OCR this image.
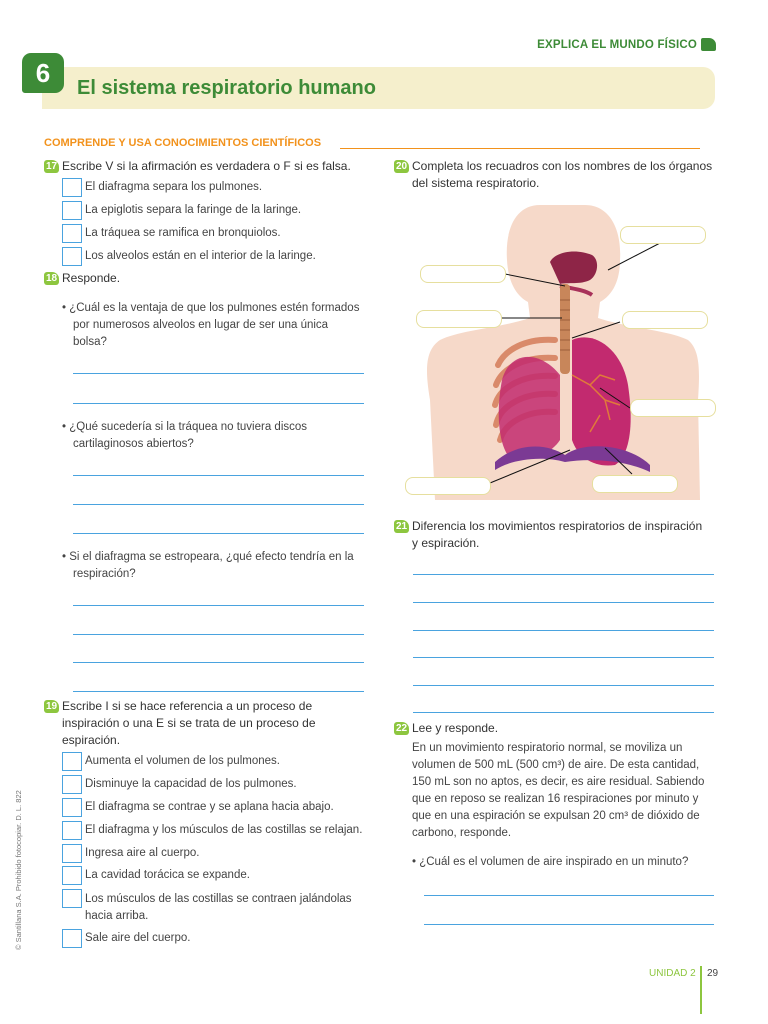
EXPLICA EL MUNDO FÍSICO
6
El sistema respiratorio humano
COMPRENDE Y USA CONOCIMIENTOS CIENTÍFICOS
17 Escribe V si la afirmación es verdadera o F si es falsa.
El diafragma separa los pulmones.
La epiglotis separa la faringe de la laringe.
La tráquea se ramifica en bronquiolos.
Los alveolos están en el interior de la laringe.
18 Responde.
• ¿Cuál es la ventaja de que los pulmones estén formados
por numerosos alveolos en lugar de ser una única
bolsa?
• ¿Qué sucedería si la tráquea no tuviera discos
cartilaginosos abiertos?
• Si el diafragma se estropeara, ¿qué efecto tendría en la
respiración?
19 Escribe I si se hace referencia a un proceso de
inspiración o una E si se trata de un proceso de
espiración.
Aumenta el volumen de los pulmones.
Disminuye la capacidad de los pulmones.
El diafragma se contrae y se aplana hacia abajo.
El diafragma y los músculos de las costillas se relajan.
Ingresa aire al cuerpo.
La cavidad torácica se expande.
Los músculos de las costillas se contraen jalándolas
hacia arriba.
Sale aire del cuerpo.
20 Completa los recuadros con los nombres de los órganos
del sistema respiratorio.
21 Diferencia los movimientos respiratorios de inspiración
y espiración.
22 Lee y responde.
En un movimiento respiratorio normal, se moviliza un
volumen de 500 mL (500 cm³) de aire. De esta cantidad,
150 mL son no aptos, es decir, es aire residual. Sabiendo
que en reposo se realizan 16 respiraciones por minuto y
que en una espiración se expulsan 20 cm³ de dióxido de
carbono, responde.
• ¿Cuál es el volumen de aire inspirado en un minuto?
UNIDAD 2 29
© Santillana S.A. Prohibido fotocopiar. D. L. 822
